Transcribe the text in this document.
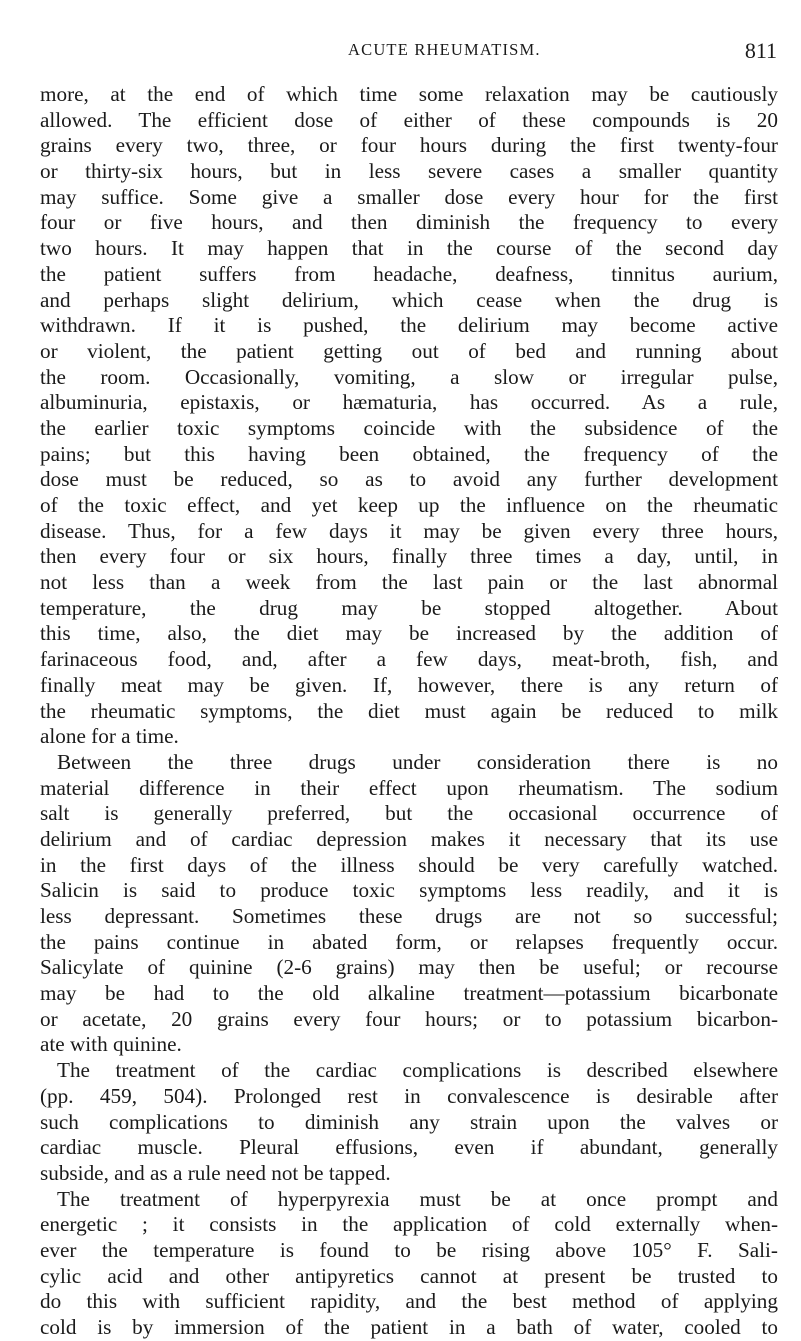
ACUTE RHEUMATISM.	811
more, at the end of which time some relaxation may be cautiously
allowed. The efficient dose of either of these compounds is 20
grains every two, three, or four hours during the first twenty-four
or thirty-six hours, but in less severe cases a smaller quantity
may suffice. Some give a smaller dose every hour for the first
four or five hours, and then diminish the frequency to every
two hours. It may happen that in the course of the second day
the patient suffers from headache, deafness, tinnitus aurium,
and perhaps slight delirium, which cease when the drug is
withdrawn. If it is pushed, the delirium may become active
or violent, the patient getting out of bed and running about
the room. Occasionally, vomiting, a slow or irregular pulse,
albuminuria, epistaxis, or hæmaturia, has occurred. As a rule,
the earlier toxic symptoms coincide with the subsidence of the
pains; but this having been obtained, the frequency of the
dose must be reduced, so as to avoid any further development
of the toxic effect, and yet keep up the influence on the rheumatic
disease. Thus, for a few days it may be given every three hours,
then every four or six hours, finally three times a day, until, in
not less than a week from the last pain or the last abnormal
temperature, the drug may be stopped altogether. About
this time, also, the diet may be increased by the addition of
farinaceous food, and, after a few days, meat-broth, fish, and
finally meat may be given. If, however, there is any return of
the rheumatic symptoms, the diet must again be reduced to milk
alone for a time.
Between the three drugs under consideration there is no
material difference in their effect upon rheumatism. The sodium
salt is generally preferred, but the occasional occurrence of
delirium and of cardiac depression makes it necessary that its use
in the first days of the illness should be very carefully watched.
Salicin is said to produce toxic symptoms less readily, and it is
less depressant. Sometimes these drugs are not so successful;
the pains continue in abated form, or relapses frequently occur.
Salicylate of quinine (2-6 grains) may then be useful; or recourse
may be had to the old alkaline treatment—potassium bicarbonate
or acetate, 20 grains every four hours; or to potassium bicarbon-
ate with quinine.
The treatment of the cardiac complications is described elsewhere
(pp. 459, 504). Prolonged rest in convalescence is desirable after
such complications to diminish any strain upon the valves or
cardiac muscle. Pleural effusions, even if abundant, generally
subside, and as a rule need not be tapped.
The treatment of hyperpyrexia must be at once prompt and
energetic ; it consists in the application of cold externally when-
ever the temperature is found to be rising above 105° F. Sali-
cylic acid and other antipyretics cannot at present be trusted to
do this with sufficient rapidity, and the best method of applying
cold is by immersion of the patient in a bath of water, cooled to
